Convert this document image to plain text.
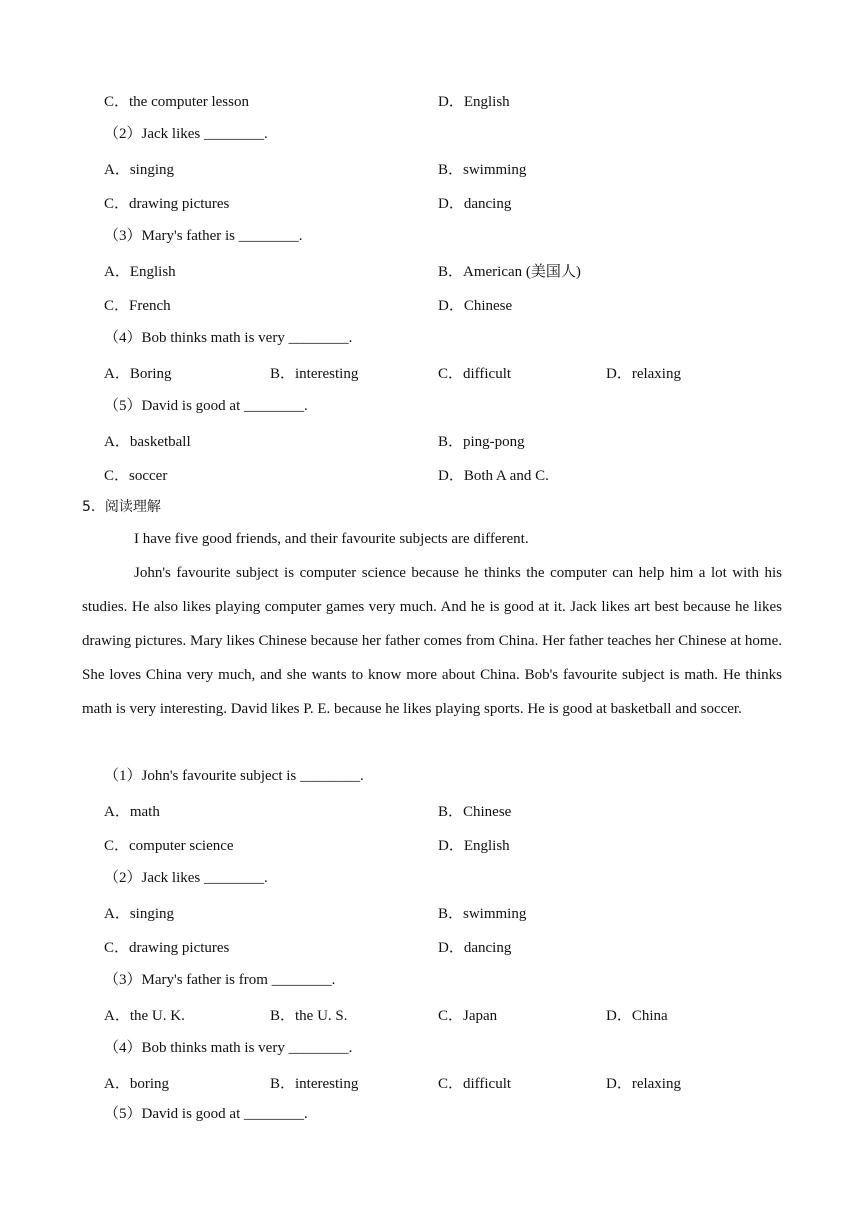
C．the computer lesson	D．English
（2）Jack likes ________.
A．singing	B．swimming
C．drawing pictures	D．dancing
（3）Mary's father is ________.
A．English	B．American (美国人)
C．French	D．Chinese
（4）Bob thinks math is very ________.
A．Boring	B．interesting	C．difficult	D．relaxing
（5）David is good at ________.
A．basketball	B．ping-pong
C．soccer	D．Both A and C.
5．阅读理解
I have five good friends, and their favourite subjects are different.
John's favourite subject is computer science because he thinks the computer can help him a lot with his studies. He also likes playing computer games very much. And he is good at it. Jack likes art best because he likes drawing pictures. Mary likes Chinese because her father comes from China. Her father teaches her Chinese at home. She loves China very much, and she wants to know more about China. Bob's favourite subject is math. He thinks math is very interesting. David likes P. E. because he likes playing sports. He is good at basketball and soccer.
（1）John's favourite subject is ________.
A．math	B．Chinese
C．computer science	D．English
（2）Jack likes ________.
A．singing	B．swimming
C．drawing pictures	D．dancing
（3）Mary's father is from ________.
A．the U. K.	B．the U. S.	C．Japan	D．China
（4）Bob thinks math is very ________.
A．boring	B．interesting	C．difficult	D．relaxing
（5）David is good at ________.
